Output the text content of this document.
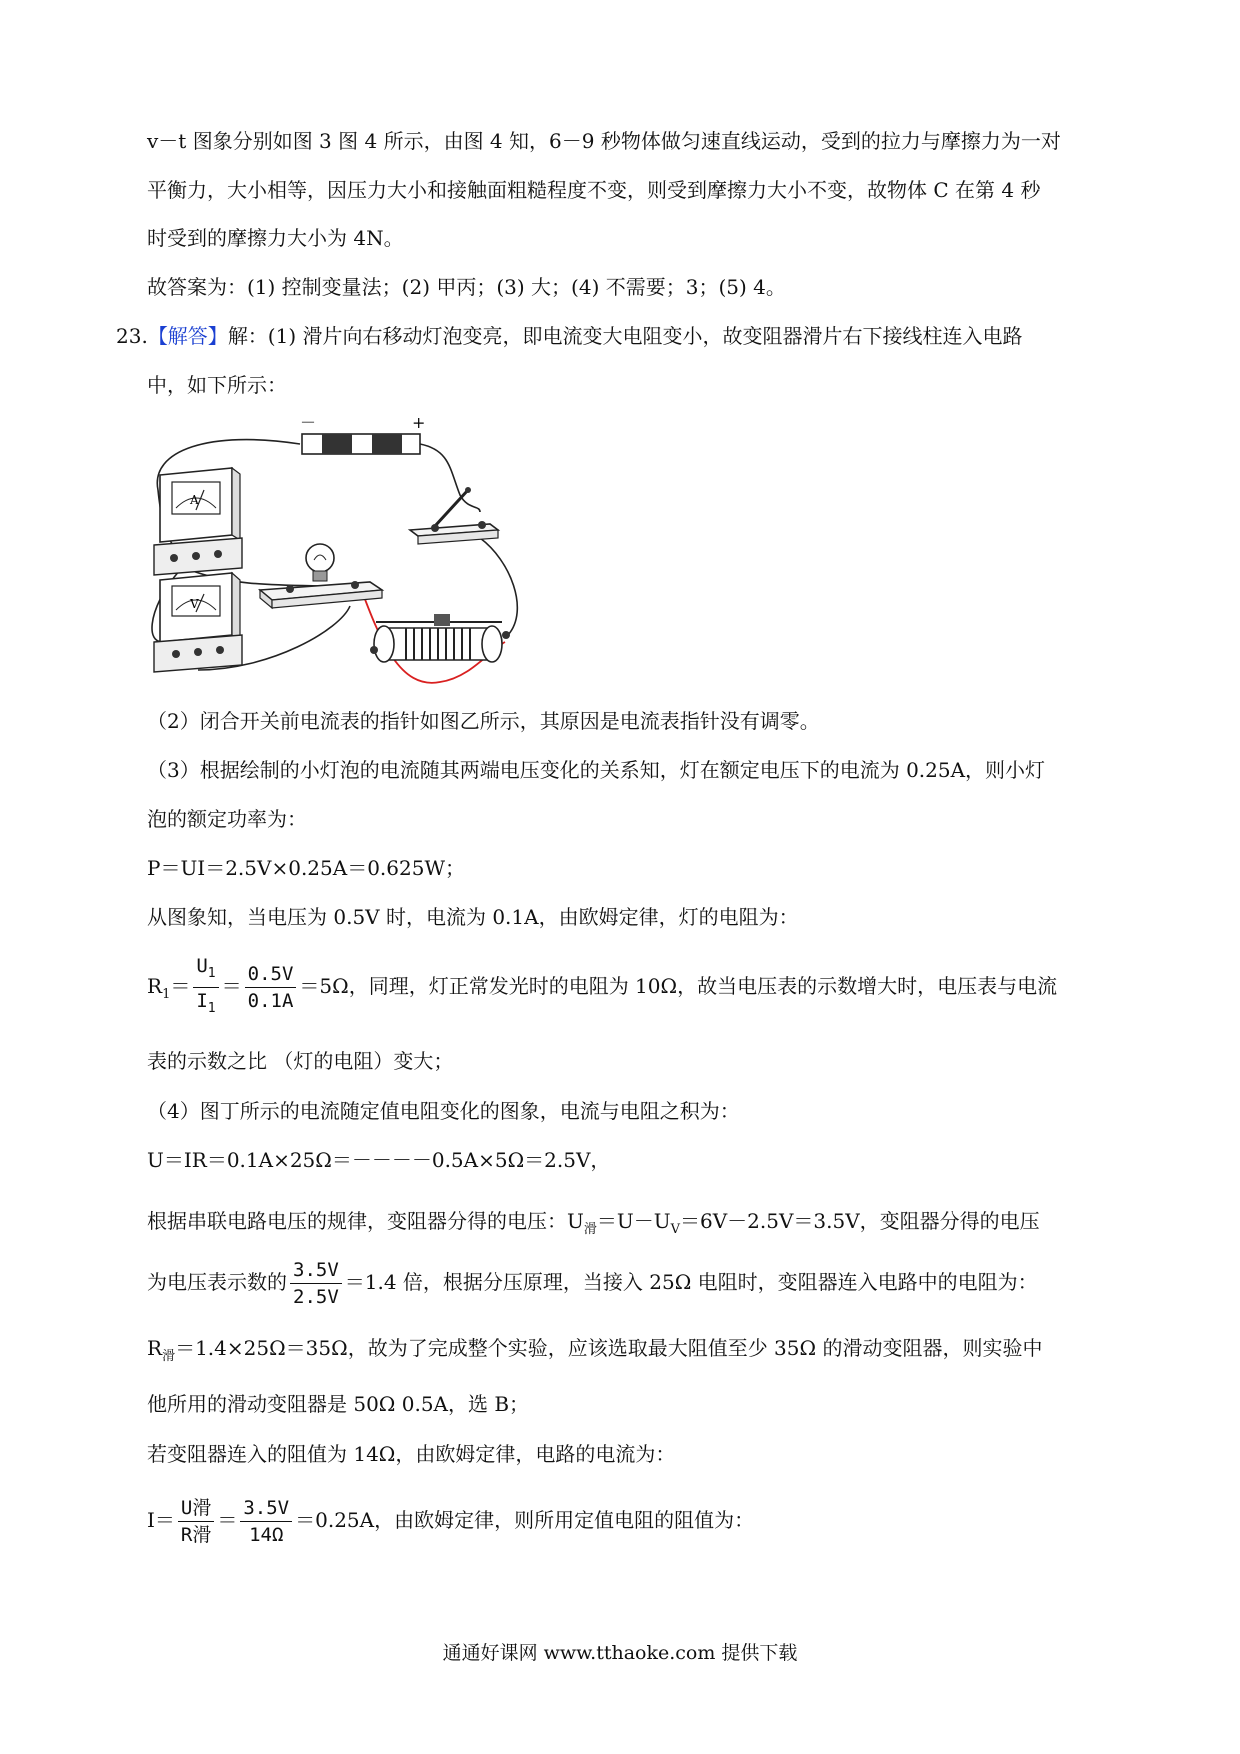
v－t 图象分别如图 3 图 4 所示，由图 4 知，6－9 秒物体做匀速直线运动，受到的拉力与摩擦力为一对
平衡力，大小相等，因压力大小和接触面粗糙程度不变，则受到摩擦力大小不变，故物体 C 在第 4 秒
时受到的摩擦力大小为 4N。
故答案为：(1) 控制变量法；(2) 甲丙；(3) 大；(4) 不需要；3；(5) 4。
23.【解答】解：(1) 滑片向右移动灯泡变亮，即电流变大电阻变小，故变阻器滑片右下接线柱连入电路
中，如下所示：
－	+
A
V
（2）闭合开关前电流表的指针如图乙所示，其原因是电流表指针没有调零。
（3）根据绘制的小灯泡的电流随其两端电压变化的关系知，灯在额定电压下的电流为 0.25A，则小灯
泡的额定功率为：
P＝UI＝2.5V×0.25A＝0.625W；
从图象知，当电压为 0.5V 时，电流为 0.1A，由欧姆定律，灯的电阻为：
$R_1= \frac{U_1}{I_1} = \frac{0.5V}{0.1A} =5\Omega$，同理，灯正常发光时的电阻为 10Ω，故当电压表的示数增大时，电压表与电流
表的示数之比 （灯的电阻）变大；
（4）图丁所示的电流随定值电阻变化的图象，电流与电阻之积为：
U＝IR＝0.1A×25Ω＝－－－－0.5A×5Ω＝2.5V，
根据串联电路电压的规律，变阻器分得的电压：$U_滑=U-U_V=6V-2.5V=3.5V$，变阻器分得的电压
为电压表示数的 $\frac{3.5V}{2.5V} =1.4$ 倍，根据分压原理，当接入 25Ω 电阻时，变阻器连入电路中的电阻为：
$R_滑=1.4\times 25\Omega=35\Omega$，故为了完成整个实验，应该选取最大阻值至少 35Ω 的滑动变阻器，则实验中
他所用的滑动变阻器是 50Ω 0.5A，选 B；
若变阻器连入的阻值为 14Ω，由欧姆定律，电路的电流为：
$I= \frac{\text{U滑}}{\text{R滑}} = \frac{3.5V}{14\Omega} =0.25A$，由欧姆定律，则所用定值电阻的阻值为：
通通好课网 www.tthaoke.com 提供下载
